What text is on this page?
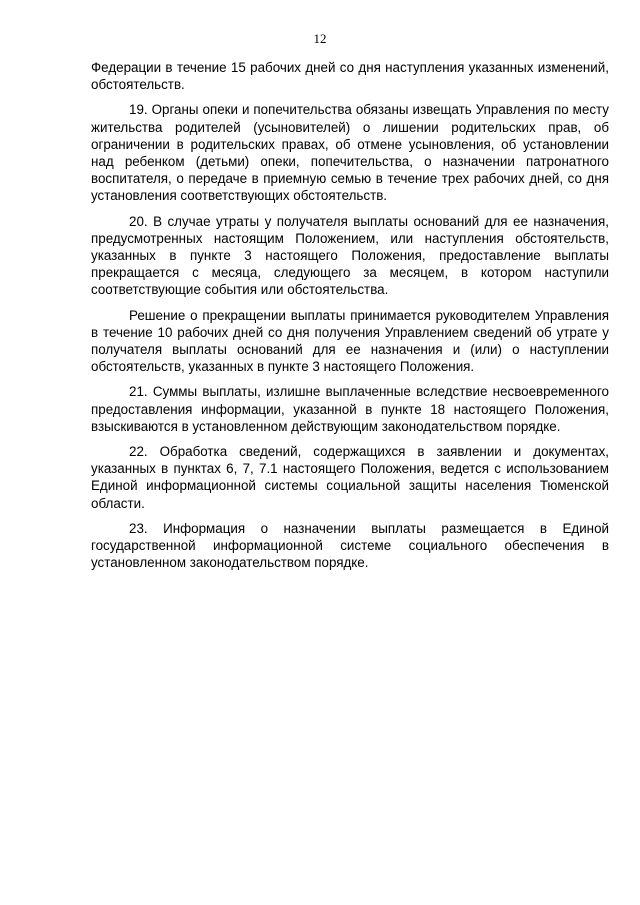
12

Федерации в течение 15 рабочих дней со дня наступления указанных изменений, обстоятельств.

19. Органы опеки и попечительства обязаны извещать Управления по месту жительства родителей (усыновителей) о лишении родительских прав, об ограничении в родительских правах, об отмене усыновления, об установлении над ребенком (детьми) опеки, попечительства, о назначении патронатного воспитателя, о передаче в приемную семью в течение трех рабочих дней, со дня установления соответствующих обстоятельств.

20. В случае утраты у получателя выплаты оснований для ее назначения, предусмотренных настоящим Положением, или наступления обстоятельств, указанных в пункте 3 настоящего Положения, предоставление выплаты прекращается с месяца, следующего за месяцем, в котором наступили соответствующие события или обстоятельства.

Решение о прекращении выплаты принимается руководителем Управления в течение 10 рабочих дней со дня получения Управлением сведений об утрате у получателя выплаты оснований для ее назначения и (или) о наступлении обстоятельств, указанных в пункте 3 настоящего Положения.

21. Суммы выплаты, излишне выплаченные вследствие несвоевременного предоставления информации, указанной в пункте 18 настоящего Положения, взыскиваются в установленном действующим законодательством порядке.

22. Обработка сведений, содержащихся в заявлении и документах, указанных в пунктах 6, 7, 7.1 настоящего Положения, ведется с использованием Единой информационной системы социальной защиты населения Тюменской области.

23. Информация о назначении выплаты размещается в Единой государственной информационной системе социального обеспечения в установленном законодательством порядке.
